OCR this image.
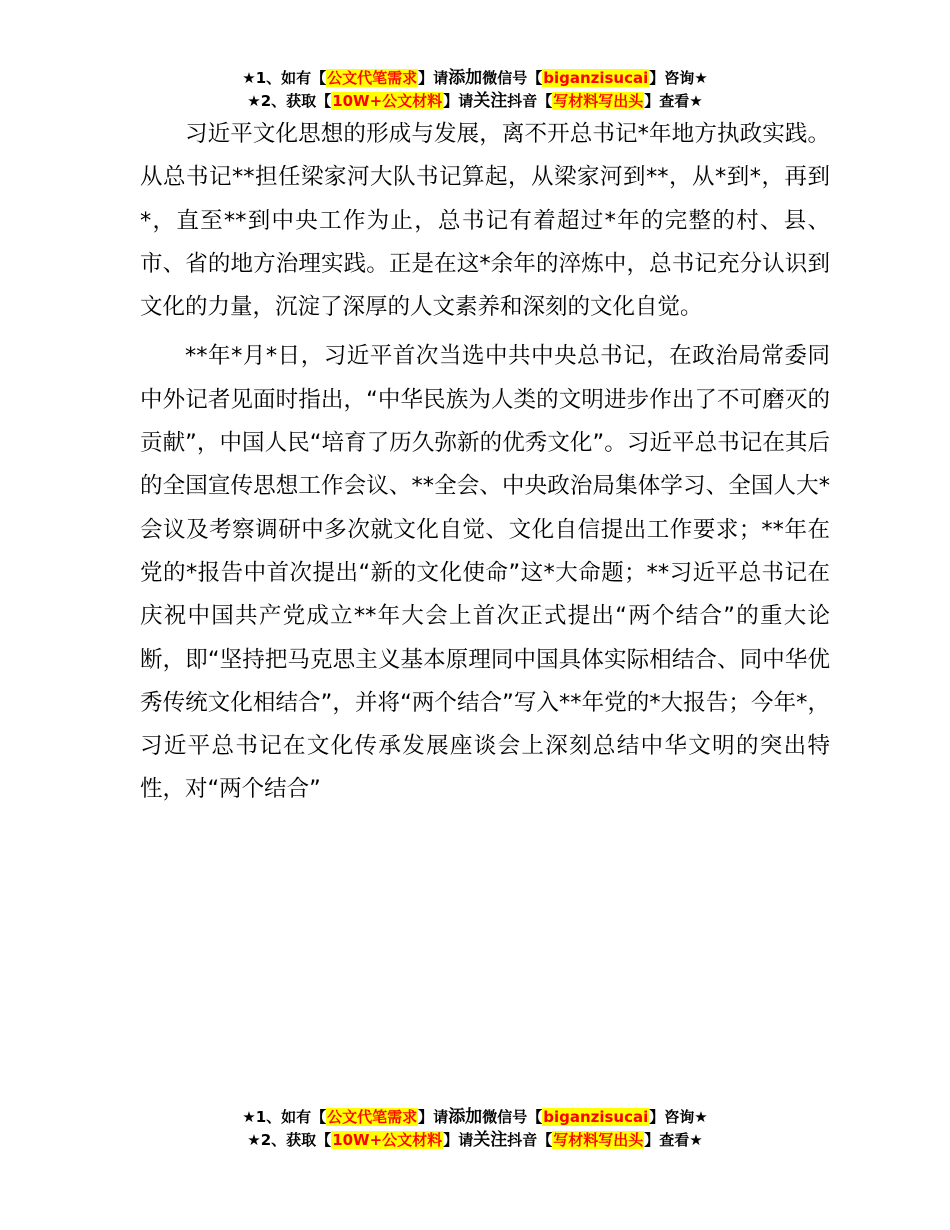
★1、如有【公文代笔需求】请添加微信号【biganzisucai】咨询★
★2、获取【10W+公文材料】请关注抖音【写材料写出头】查看★

习近平文化思想的形成与发展，离不开总书记*年地方执政实践。从总书记**担任梁家河大队书记算起，从梁家河到**，从*到*，再到*，直至**到中央工作为止，总书记有着超过*年的完整的村、县、市、省的地方治理实践。正是在这*余年的淬炼中，总书记充分认识到文化的力量，沉淀了深厚的人文素养和深刻的文化自觉。

**年*月*日，习近平首次当选中共中央总书记，在政治局常委同中外记者见面时指出，“中华民族为人类的文明进步作出了不可磨灭的贡献”，中国人民“培育了历久弥新的优秀文化”。习近平总书记在其后的全国宣传思想工作会议、**全会、中央政治局集体学习、全国人大*会议及考察调研中多次就文化自觉、文化自信提出工作要求；**年在党的*报告中首次提出“新的文化使命”这*大命题；**习近平总书记在庆祝中国共产党成立**年大会上首次正式提出“两个结合”的重大论断，即“坚持把马克思主义基本原理同中国具体实际相结合、同中华优秀传统文化相结合”，并将“两个结合”写入**年党的*大报告；今年*，习近平总书记在文化传承发展座谈会上深刻总结中华文明的突出特性，对“两个结合”

★1、如有【公文代笔需求】请添加微信号【biganzisucai】咨询★
★2、获取【10W+公文材料】请关注抖音【写材料写出头】查看★
